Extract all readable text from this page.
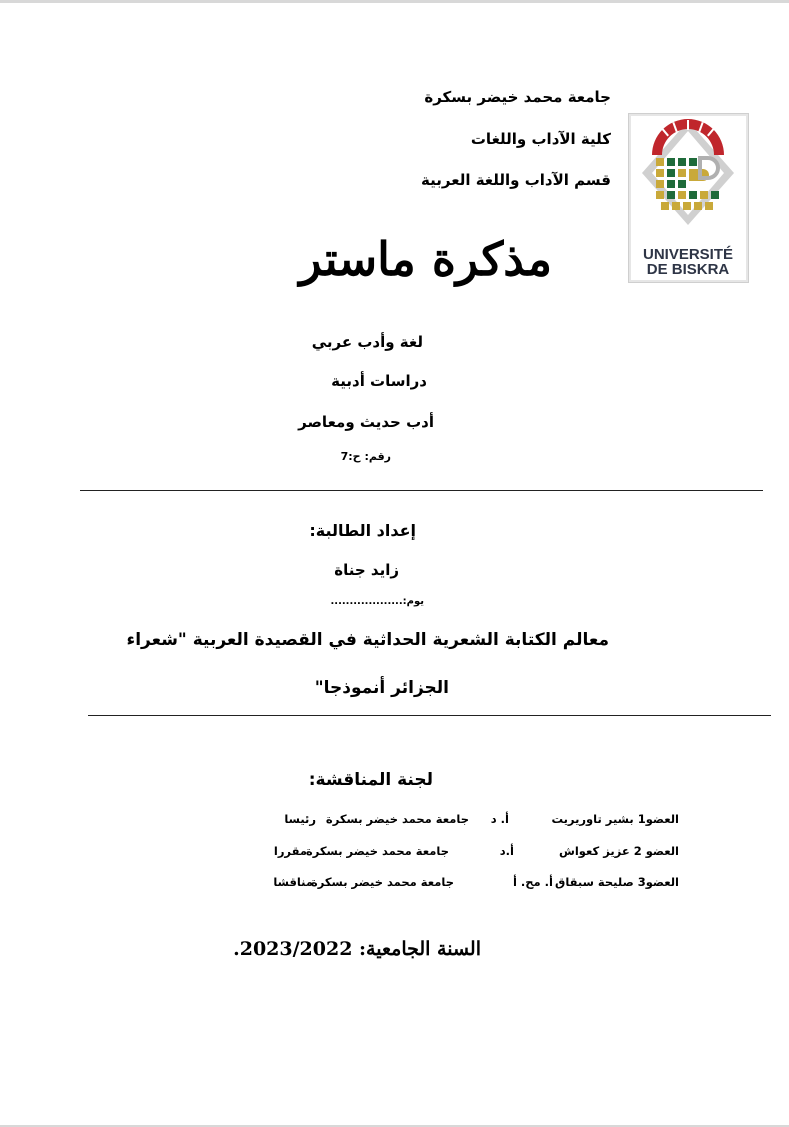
جامعة محمد خيضر بسكرة
كلية الآداب واللغات
قسم الآداب واللغة العربية
UNIVERSITÉ
DE BISKRA
مذكرة ماستر
لغة وأدب عربي
دراسات أدبية
أدب حديث ومعاصر
رقم: ح:7
إعداد الطالبة:
زايد جناة
يوم:...................
معالم الكتابة الشعرية الحداثية في القصيدة العربية "شعراء
الجزائر أنموذجا"
لجنة المناقشة:
العضو1 بشير تاوريريت
أ. د
جامعة محمد خيضر بسكرة
رئيسا
العضو 2 عزيز كعواش
أ.د
جامعة محمد خيضر بسكرة
مقررا
العضو3 صليحة سبقاق
أ. مح. أ
جامعة محمد خيضر بسكرة
مناقشا
السنة الجامعية: 2023/2022.
